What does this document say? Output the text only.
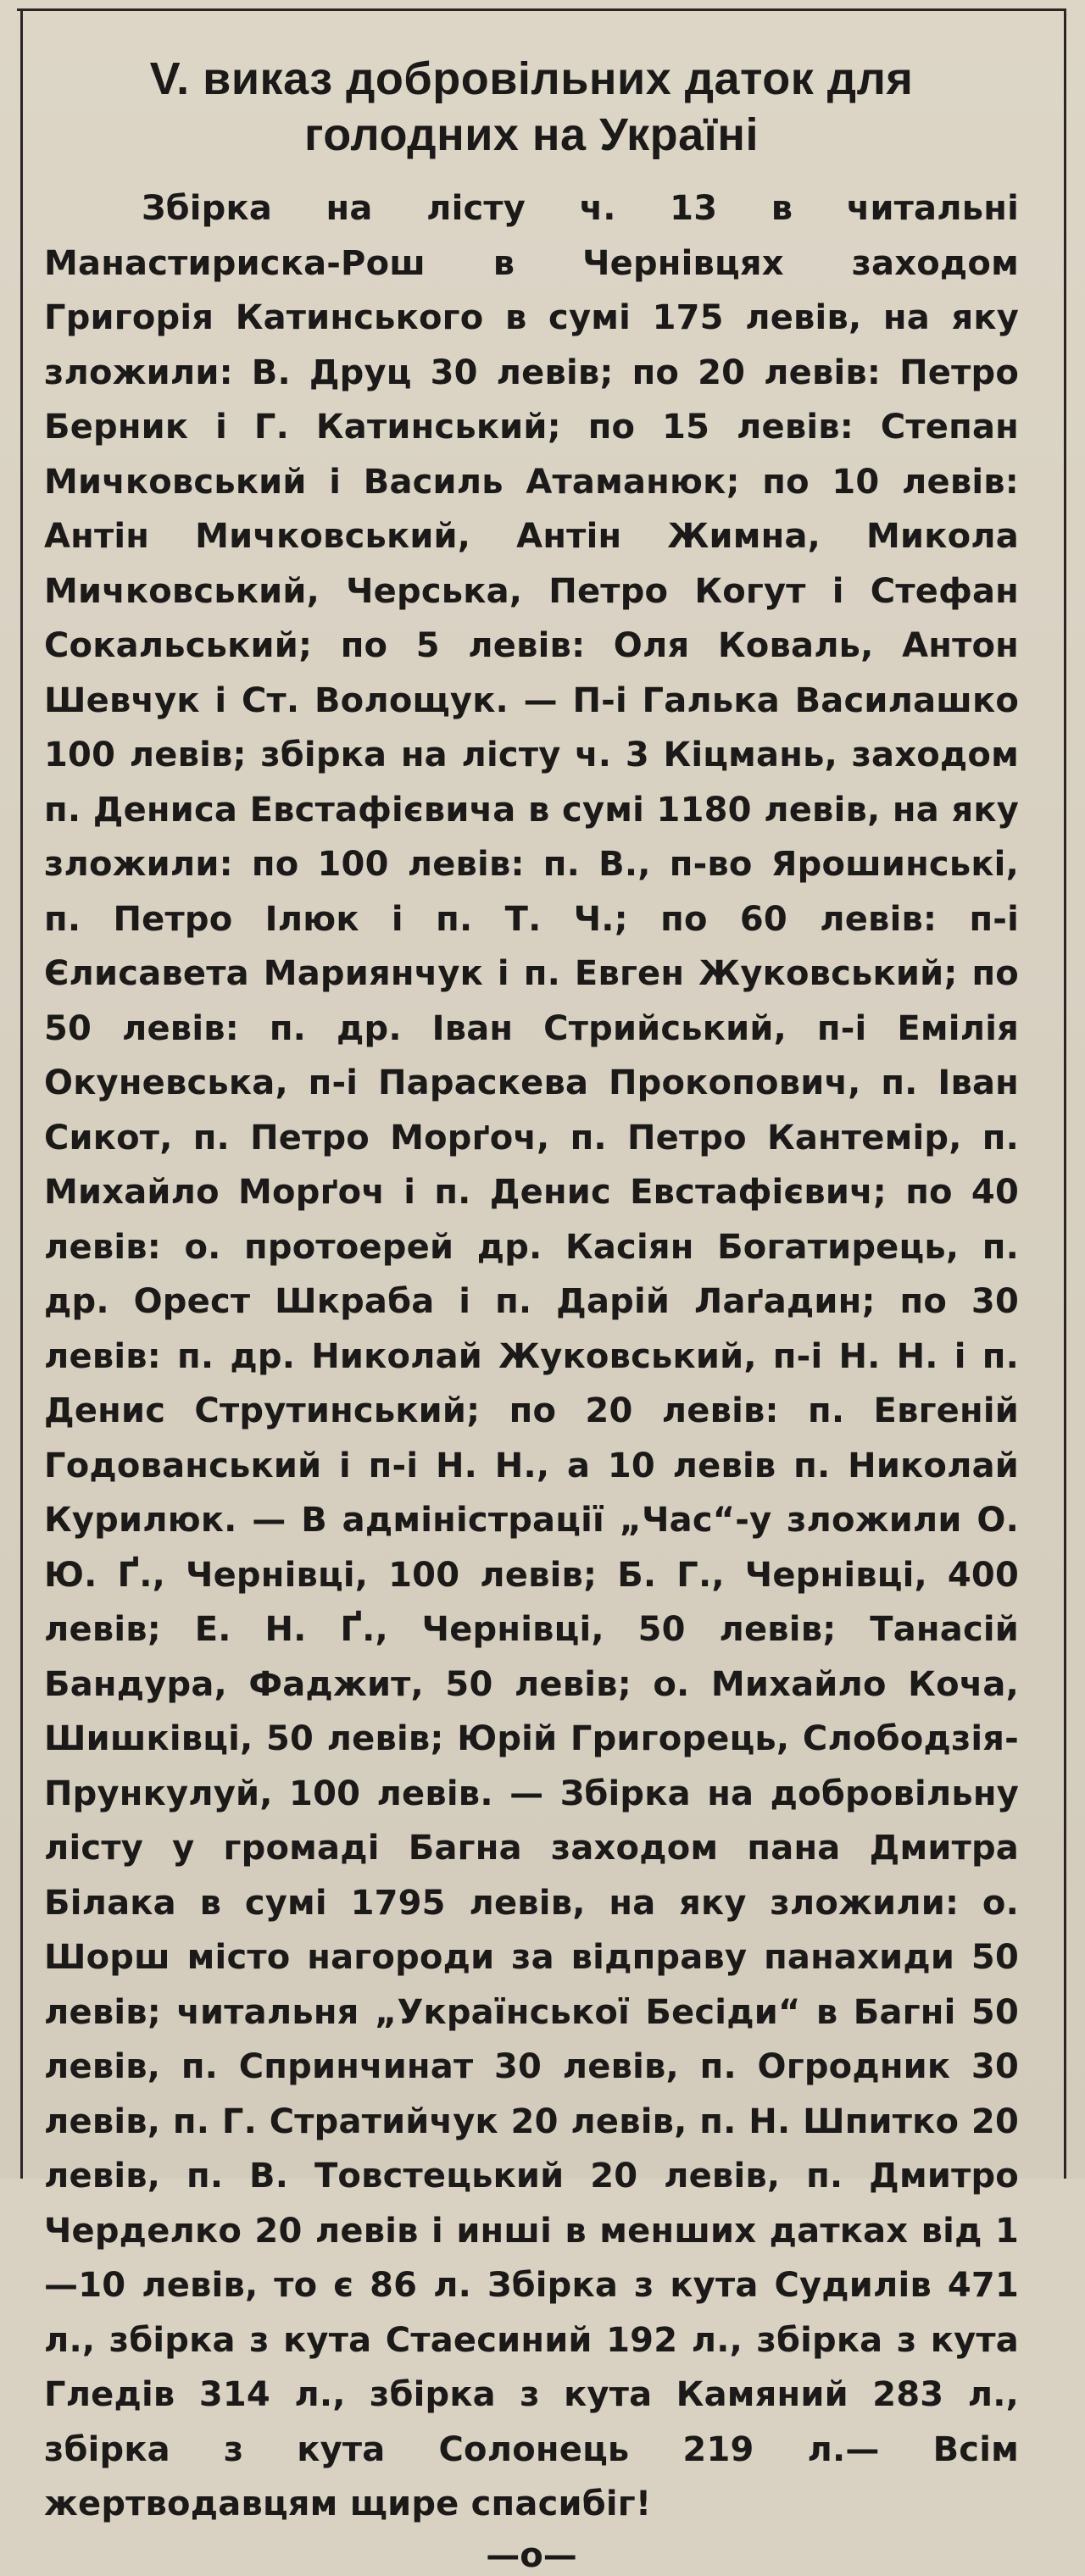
V. виказ добровільних даток для голодних на Україні

Збірка на лісту ч. 13 в читальні Манастириска-Рош в Чернівцях заходом Григорія Катинського в сумі 175 левів, на яку зложили: В. Друц 30 левів; по 20 левів: Петро Берник і Г. Катинський; по 15 левів: Степан Мичковський і Василь Атаманюк; по 10 левів: Антін Мичковський, Антін Жимна, Микола Мичковський, Черська, Петро Когут і Стефан Сокальський; по 5 левів: Оля Коваль, Антон Шевчук і Ст. Волощук. — П-і Галька Василашко 100 левів; збірка на лісту ч. 3 Кіцмань, заходом п. Дениса Евстафієвича в сумі 1180 левів, на яку зложили: по 100 левів: п. В., п-во Ярошинські, п. Петро Ілюк і п. Т. Ч.; по 60 левів: п-і Єлисавета Мариянчук і п. Евген Жуковський; по 50 левів: п. др. Іван Стрийський, п-і Емілія Окуневська, п-і Параскева Прокопович, п. Іван Сикот, п. Петро Морґоч, п. Петро Кантемір, п. Михайло Морґоч і п. Денис Евстафієвич; по 40 левів: о. протоерей др. Касіян Богатирець, п. др. Орест Шкраба і п. Дарій Лаґадин; по 30 левів: п. др. Николай Жуковський, п-і Н. Н. і п. Денис Струтинський; по 20 левів: п. Евгеній Годованський і п-і Н. Н., а 10 левів п. Николай Курилюк. — В адміністрації „Час“-у зложили О. Ю. Ґ., Чернівці, 100 левів; Б. Г., Чернівці, 400 левів; Е. Н. Ґ., Чернівці, 50 левів; Танасій Бандура, Фаджит, 50 левів; о. Михайло Коча, Шишківці, 50 левів; Юрій Григорець, Слободзія-Прункулуй, 100 левів. — Збірка на добровільну лісту у громаді Багна заходом пана Дмитра Білака в сумі 1795 левів, на яку зложили: о. Шорш місто нагороди за відправу панахиди 50 левів; читальня „Української Бесіди“ в Багні 50 левів, п. Спринчинат 30 левів, п. Огродник 30 левів, п. Г. Стратийчук 20 левів, п. Н. Шпитко 20 левів, п. В. Товстецький 20 левів, п. Дмитро Черделко 20 левів і инші в менших датках від 1—10 левів, то є 86 л. Збірка з кута Судилів 471 л., збірка з кута Стаесиний 192 л., збірка з кута Гледів 314 л., збірка з кута Камяний 283 л., збірка з кута Солонець 219 л.— Всім жертводавцям щире спасибіг!

—o—
